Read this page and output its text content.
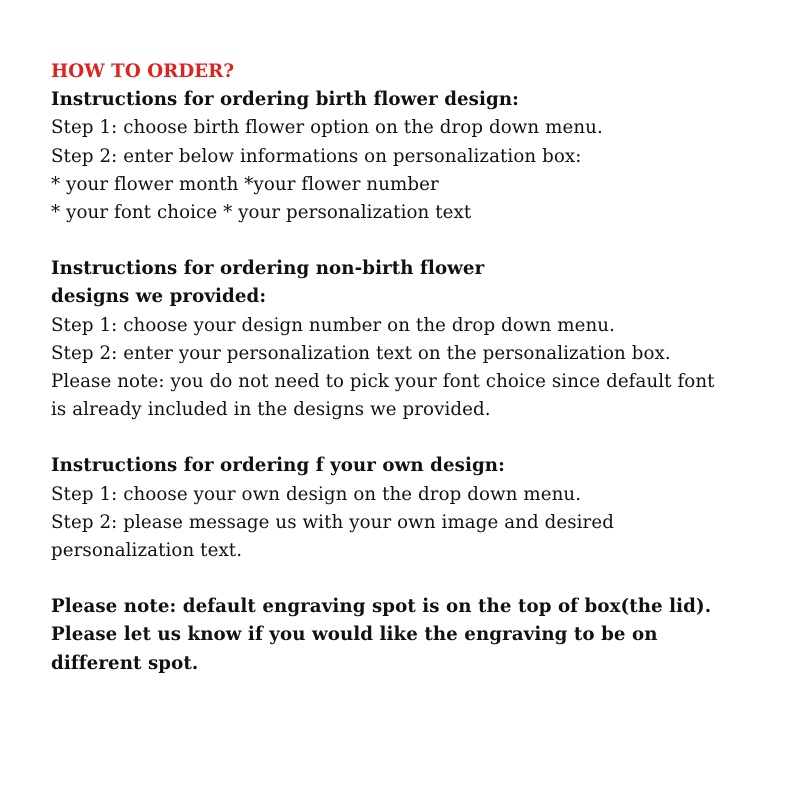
HOW TO ORDER?
Instructions for ordering birth flower design:
Step 1: choose birth flower option on the drop down menu.
Step 2: enter below informations on personalization box:
* your flower month *your flower number
* your font choice * your personalization text
Instructions for ordering non-birth flower
designs we provided:
Step 1: choose your design number on the drop down menu.
Step 2: enter your personalization text on the personalization box.
Please note: you do not need to pick your font choice since default font
is already included in the designs we provided.
Instructions for ordering f your own design:
Step 1: choose your own design on the drop down menu.
Step 2: please message us with your own image and desired
personalization text.
Please note: default engraving spot is on the top of box(the lid).
Please let us know if you would like the engraving to be on
different spot.
